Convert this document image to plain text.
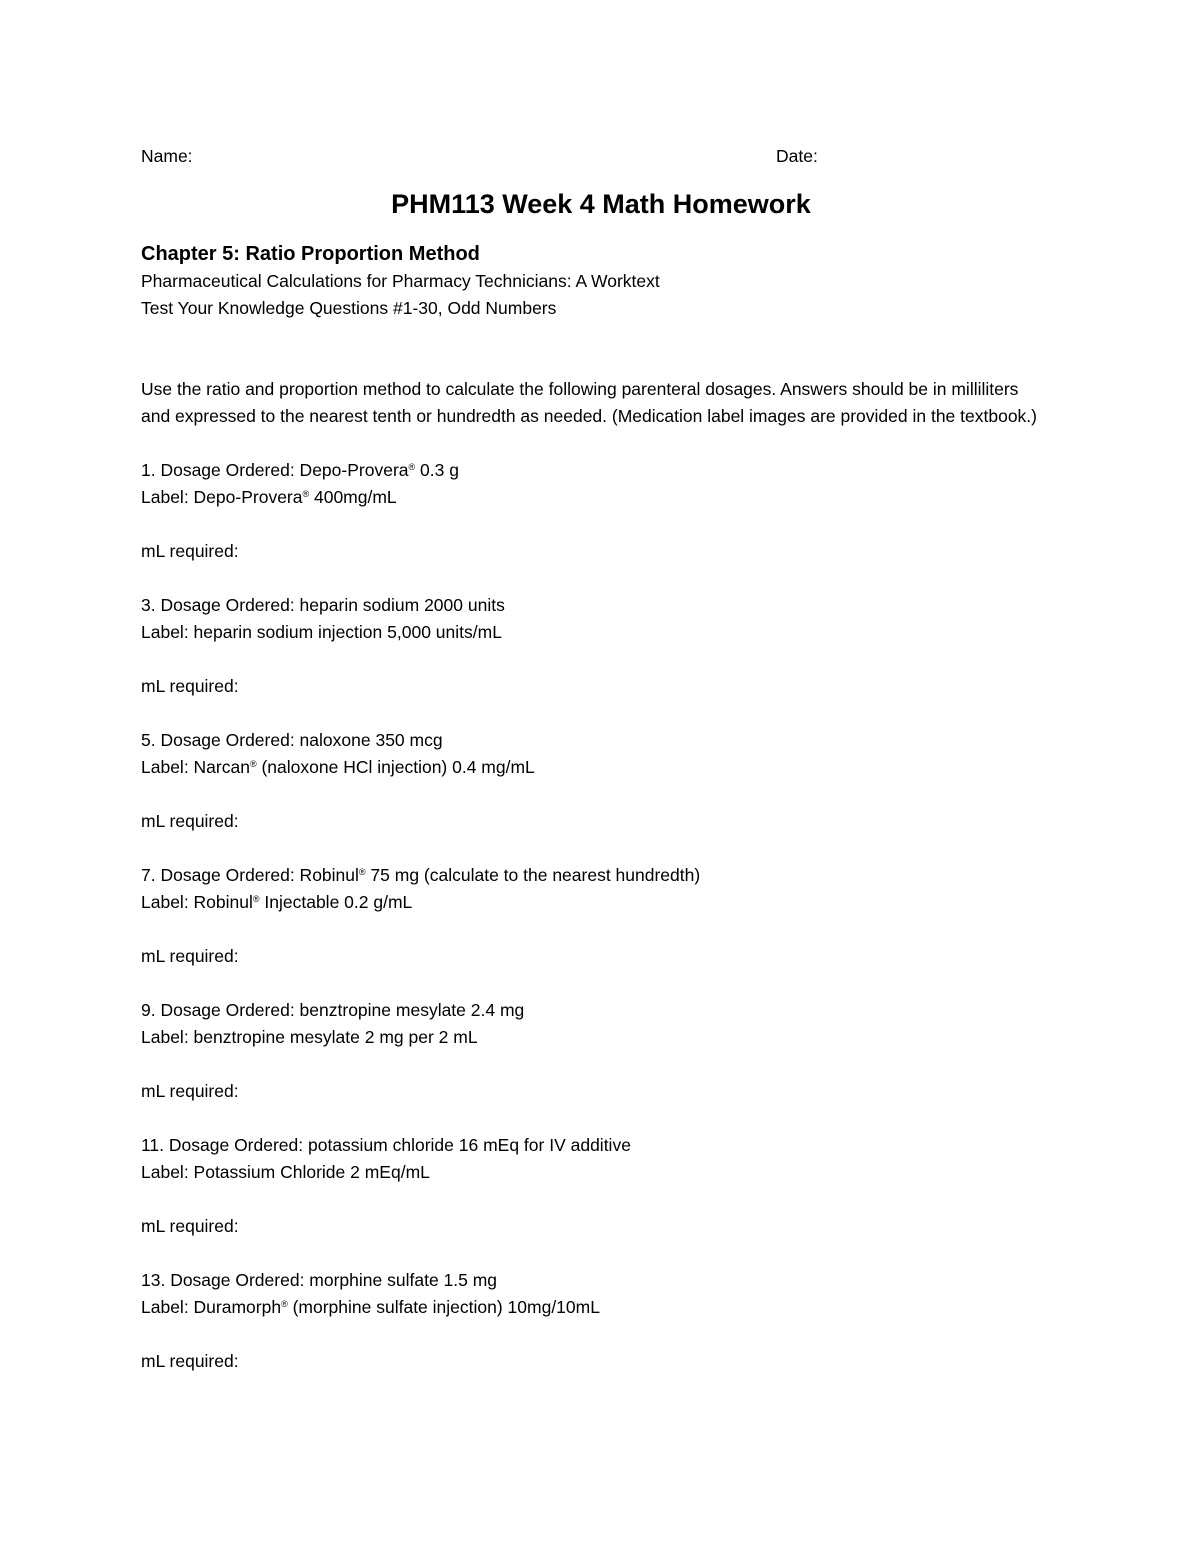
Name:	Date:
PHM113 Week 4 Math Homework
Chapter 5: Ratio Proportion Method
Pharmaceutical Calculations for Pharmacy Technicians: A Worktext
Test Your Knowledge Questions #1-30, Odd Numbers
Use the ratio and proportion method to calculate the following parenteral dosages. Answers should be in milliliters and expressed to the nearest tenth or hundredth as needed. (Medication label images are provided in the textbook.)
1. Dosage Ordered: Depo-Provera® 0.3 g
Label: Depo-Provera® 400mg/mL
mL required:
3. Dosage Ordered: heparin sodium 2000 units
Label: heparin sodium injection 5,000 units/mL
mL required:
5. Dosage Ordered: naloxone 350 mcg
Label: Narcan® (naloxone HCl injection) 0.4 mg/mL
mL required:
7. Dosage Ordered: Robinul® 75 mg (calculate to the nearest hundredth)
Label: Robinul® Injectable 0.2 g/mL
mL required:
9. Dosage Ordered: benztropine mesylate 2.4 mg
Label: benztropine mesylate 2 mg per 2 mL
mL required:
11. Dosage Ordered: potassium chloride 16 mEq for IV additive
Label: Potassium Chloride 2 mEq/mL
mL required:
13. Dosage Ordered: morphine sulfate 1.5 mg
Label: Duramorph® (morphine sulfate injection) 10mg/10mL
mL required:
